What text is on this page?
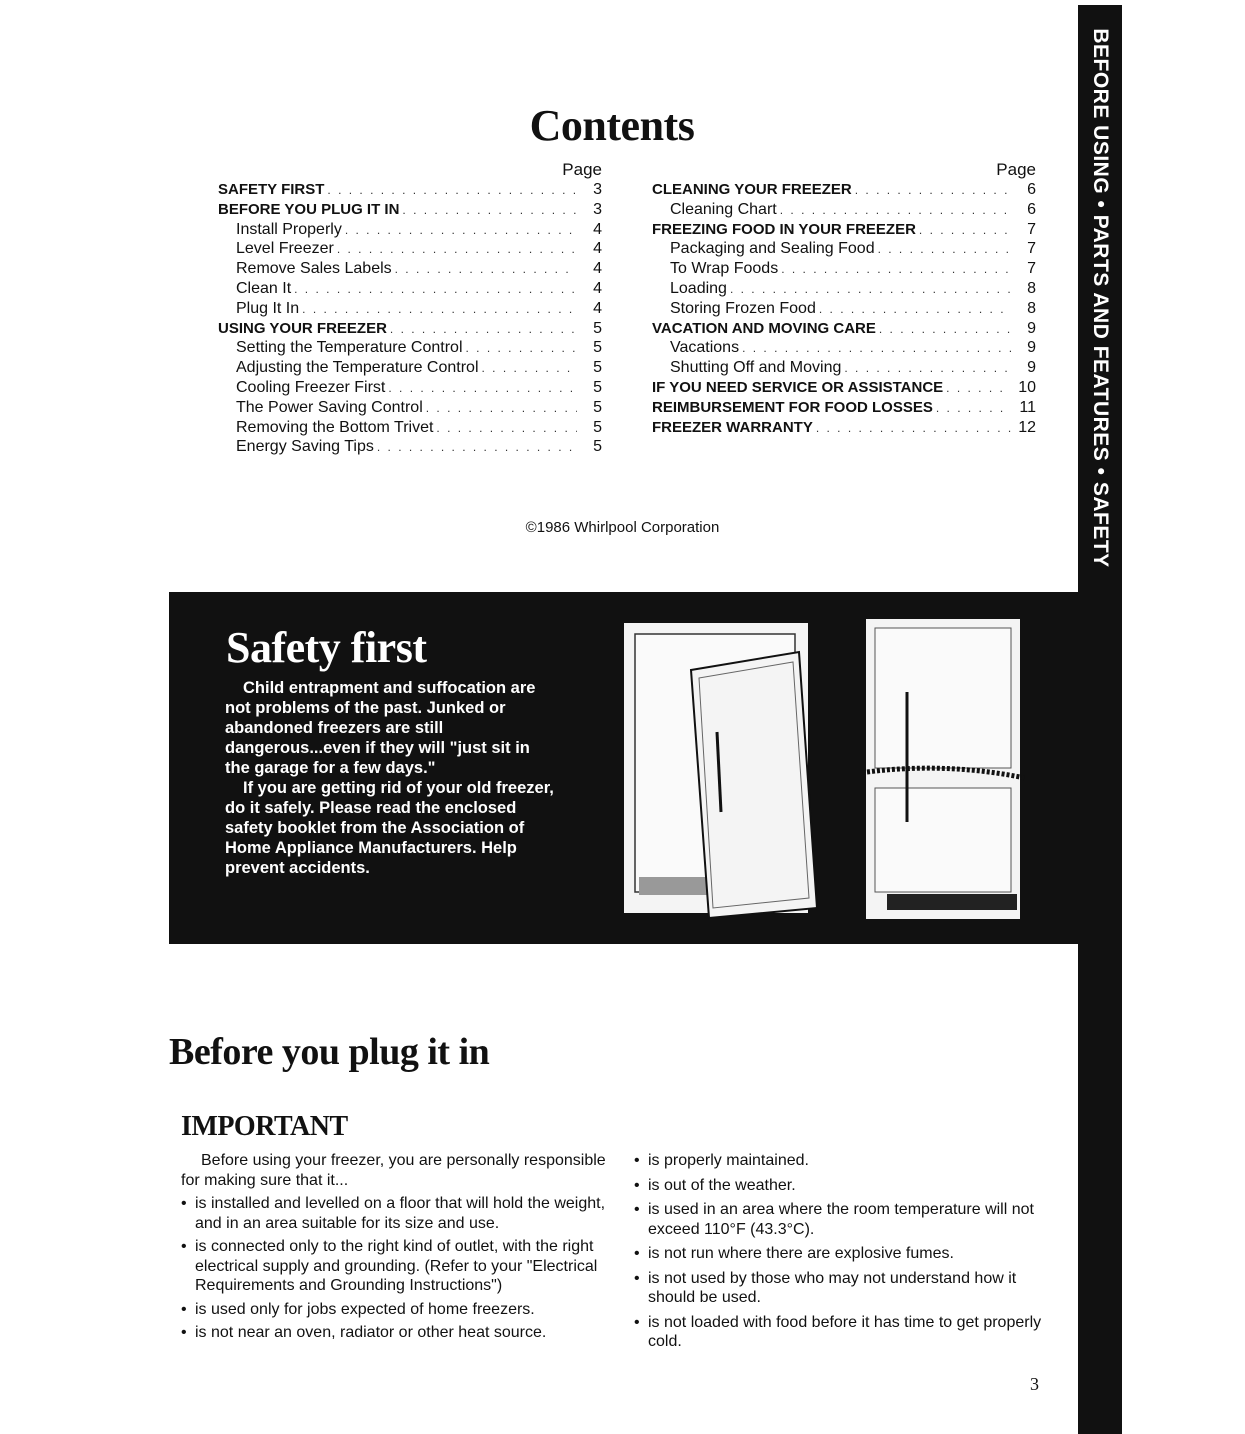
BEFORE USING • PARTS AND FEATURES • SAFETY
Contents
Page
SAFETY FIRST . . .	3
BEFORE YOU PLUG IT IN . . .	3
Install Properly . . .	4
Level Freezer . . .	4
Remove Sales Labels . . .	4
Clean It . . .	4
Plug It In . . .	4
USING YOUR FREEZER . . .	5
Setting the Temperature Control . . .	5
Adjusting the Temperature Control . . .	5
Cooling Freezer First . . .	5
The Power Saving Control . . .	5
Removing the Bottom Trivet . . .	5
Energy Saving Tips . . .	5
Page
CLEANING YOUR FREEZER . . .	6
Cleaning Chart . . .	6
FREEZING FOOD IN YOUR FREEZER . . .	7
Packaging and Sealing Food . . .	7
To Wrap Foods . . .	7
Loading . . .	8
Storing Frozen Food . . .	8
VACATION AND MOVING CARE . . .	9
Vacations . . .	9
Shutting Off and Moving . . .	9
IF YOU NEED SERVICE OR ASSISTANCE . . .	10
REIMBURSEMENT FOR FOOD LOSSES . . .	11
FREEZER WARRANTY . . .	12
©1986 Whirlpool Corporation
Safety first

Child entrapment and suffocation are not problems of the past. Junked or abandoned freezers are still dangerous...even if they will "just sit in the garage for a few days."

If you are getting rid of your old freezer, do it safely. Please read the enclosed safety booklet from the Association of Home Appliance Manufacturers. Help prevent accidents.

Before you plug it in
IMPORTANT

Before using your freezer, you are personally responsible for making sure that it...

• is installed and levelled on a floor that will hold the weight, and in an area suitable for its size and use.

• is connected only to the right kind of outlet, with the right electrical supply and grounding. (Refer to your "Electrical Requirements and Grounding Instructions")

• is used only for jobs expected of home freezers.

• is not near an oven, radiator or other heat source.

• is properly maintained.

• is out of the weather.

• is used in an area where the room temperature will not exceed 110°F (43.3°C).

• is not run where there are explosive fumes.

• is not used by those who may not understand how it should be used.

• is not loaded with food before it has time to get properly cold.

3
